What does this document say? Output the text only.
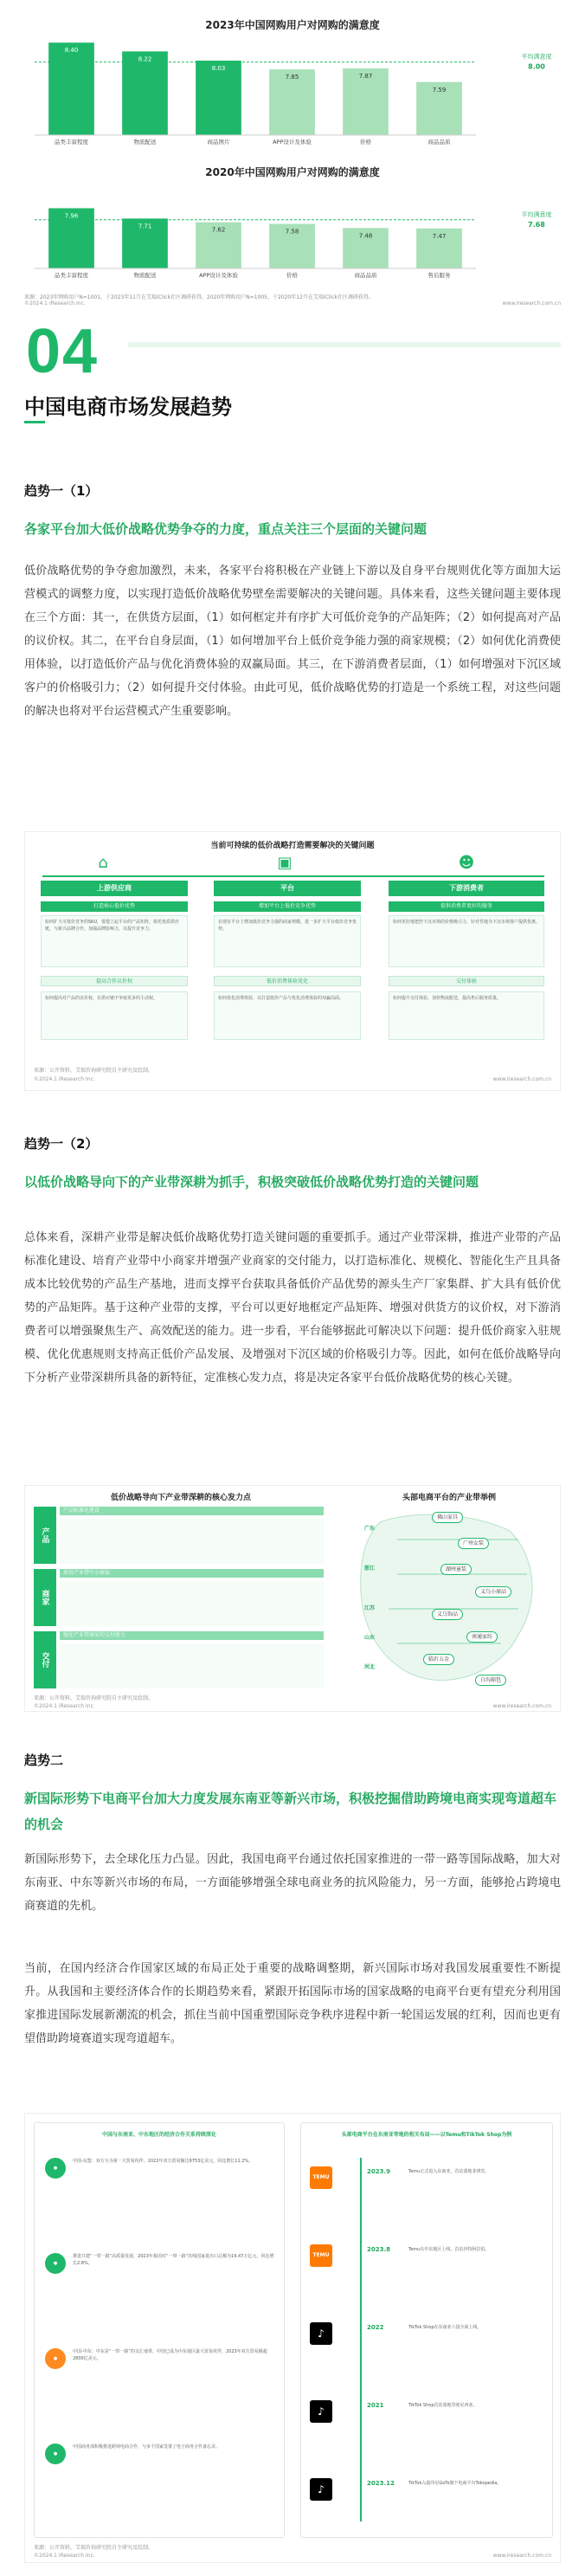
2023年中国网购用户对网购的满意度
8.40
品类丰富程度
8.22
物流配送
8.03
商品图片
7.85
APP设计及体验
7.87
价格
7.59
商品品质
平均满意度
8.00
2020年中国网购用户对网购的满意度
7.96
品类丰富程度
7.71
物流配送
7.62
APP设计及体验
7.58
价格
7.48
商品品质
7.47
售后服务
平均满意度
7.68
来源：2023年网购用户N=1001，于2023年11月在艾瑞iClick社区调研获得。2020年网购用户N=1005，于2020年12月在艾瑞iClick社区调研获得。
©2024.1 iResearch Inc.	www.iresearch.com.cn
04
中国电商市场发展趋势
趋势一（1）
各家平台加大低价战略优势争夺的力度，重点关注三个层面的关键问题
低价战略优势的争夺愈加激烈，未来，各家平台将积极在产业链上下游以及自身平台规则优化等方面加大运营模式的调整力度，以实现打造低价战略优势壁垒需要解决的关键问题。具体来看，这些关键问题主要体现在三个方面：其一，在供货方层面，（1）如何框定并有序扩大可低价竞争的产品矩阵；（2）如何提高对产品的议价权。其二，在平台自身层面，（1）如何增加平台上低价竞争能力强的商家规模；（2）如何优化消费使用体验，以打造低价产品与优化消费体验的双赢局面。其三，在下游消费者层面，（1）如何增强对下沉区域客户的价格吸引力；（2）如何提升交付体验。由此可见，低价战略优势的打造是一个系统工程，对这些问题的解决也将对平台运营模式产生重要影响。
当前可持续的低价战略打造需要解决的关键问题
⌂	▣	☻
上游供应商	平台	下游消费者
打造核心低价优势	增加平台上低价竞争优势	提供消费者更好的服务
如何扩大可低价竞争的SKU，要建立起平台的产品矩阵，依托优质供应链，与新兴品牌合作，加强品牌影响力，以提升竞争力。
在现有平台上增加低价竞争力强的商家规模，进一步扩大平台低价竞争优势。
如何更好地把控下沉市场的价格吸引力，针对性地为下沉市场客户提供优惠。
提高合作议价权	低价消费体验优化	交付体验
如何提高对产品的议价权，在供应链中争取更多的主动权。	如何优化消费体验，以打造低价产品与优化消费体验的双赢局面。	如何提升交付体验，加快物流配送，提高售后服务质量。
来源：公开资料，艾瑞咨询研究院自主研究及绘制。
©2024.1 iResearch Inc.	www.iresearch.com.cn
趋势一（2）
以低价战略导向下的产业带深耕为抓手，积极突破低价战略优势打造的关键问题
总体来看，深耕产业带是解决低价战略优势打造关键问题的重要抓手。通过产业带深耕，推进产业带的产品标准化建设、培育产业带中小商家并增强产业商家的交付能力，以打造标准化、规模化、智能化生产且具备成本比较优势的产品生产基地，进而支撑平台获取具备低价产品优势的源头生产厂家集群、扩大具有低价优势的产品矩阵。基于这种产业带的支撑，平台可以更好地框定产品矩阵、增强对供货方的议价权，对下游消费者可以增强聚焦生产、高效配送的能力。进一步看，平台能够据此可解决以下问题：提升低价商家入驻规模、优化优惠规则支持高正低价产品发展、及增强对下沉区域的价格吸引力等。因此，如何在低价战略导向下分析产业带深耕所具备的新特征，定准核心发力点，将是决定各家平台低价战略优势的核心关键。
低价战略导向下产业带深耕的核心发力点
产品
商家
交付
产品标准化建设
培育产业带中小商家
强化产业带商家的交付能力
头部电商平台的产业带举例
佛山家具
广州女装
湖州童装
义乌小商品
义乌饰品
南通家纺
临沂五金
白沟箱包
广东
浙江
江苏
山东
河北
来源：公开资料，艾瑞咨询研究院自主研究及绘制。
©2024.1 iResearch Inc.	www.iresearch.com.cn
趋势二
新国际形势下电商平台加大力度发展东南亚等新兴市场，积极挖掘借助跨境电商实现弯道超车的机会
新国际形势下，去全球化压力凸显。因此，我国电商平台通过依托国家推进的一带一路等国际战略，加大对东南亚、中东等新兴市场的布局，一方面能够增强全球电商业务的抗风险能力，另一方面，能够抢占跨境电商赛道的先机。
当前，在国内经济合作国家区域的布局正处于重要的战略调整期，新兴国际市场对我国发展重要性不断提升。从我国和主要经济体合作的长期趋势来看，紧跟开拓国际市场的国家战略的电商平台更有望充分利用国家推进国际发展新潮流的机会，抓住当前中国重塑国际竞争秩序进程中新一轮国运发展的红利，因而也更有望借助跨境赛道实现弯道超车。
中国与东南亚、中东地区的经济合作关系持续深化
●
中国-东盟：双方互为第一大贸易伙伴，2022年双方贸易额达9753亿美元，同比增长11.2%。
●
推进共建“一带一路”高质量发展，2023年我国对“一带一路”沿线国家进出口总额为19.47万亿元，同比增长2.8%。
●
中国-中东：中东是“一带一路”的交汇地带，中国已成为中东地区最大贸易伙伴，2023年双方贸易额超2800亿美元。
●
中国商务部积极推进跨境电商合作，与多个国家签署了电子商务合作备忘录。
头部电商平台在东南亚等地的相关布局——以Temu和TikTok Shop为例
TEMU
TEMU
♪
♪
♪
2023.9	Temu正式进入东南亚，首站落地菲律宾。
2023.8	Temu在中东地区上线，首站沙特阿拉伯。
2022	TikTok Shop在东南亚六国全面上线。
2021	TikTok Shop首站落地印度尼西亚。
2023.12	TikTok入股印尼GoTo旗下电商平台Tokopedia。
来源：公开资料，艾瑞咨询研究院自主研究及绘制。
©2024.1 iResearch Inc.	www.iresearch.com.cn
